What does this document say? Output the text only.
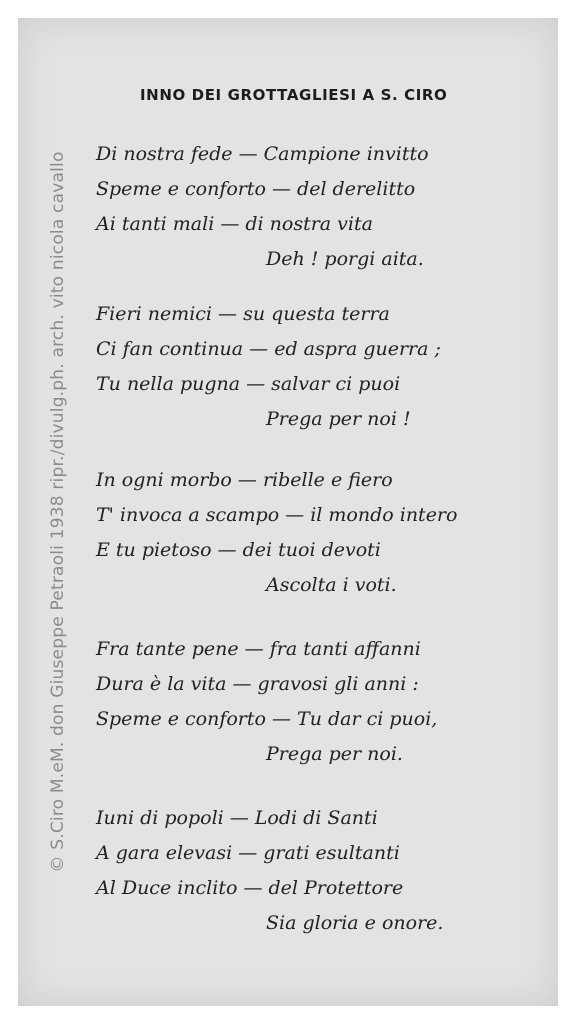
© S.Ciro M.eM. don Giuseppe Petraoli 1938 ripr./divulg.ph. arch. vito nicola cavallo
INNO DEI GROTTAGLIESI A S. CIRO
Di nostra fede — Campione invitto
Speme e conforto — del derelitto
Ai tanti mali — di nostra vita
Deh ! porgi aita.
Fieri nemici — su questa terra
Ci fan continua — ed aspra guerra ;
Tu nella pugna — salvar ci puoi
Prega per noi !
In ogni morbo — ribelle e fiero
T' invoca a scampo — il mondo intero
E tu pietoso — dei tuoi devoti
Ascolta i voti.
Fra tante pene — fra tanti affanni
Dura è la vita — gravosi gli anni :
Speme e conforto — Tu dar ci puoi,
Prega per noi.
Iuni di popoli — Lodi di Santi
A gara elevasi — grati esultanti
Al Duce inclito — del Protettore
Sia gloria e onore.
